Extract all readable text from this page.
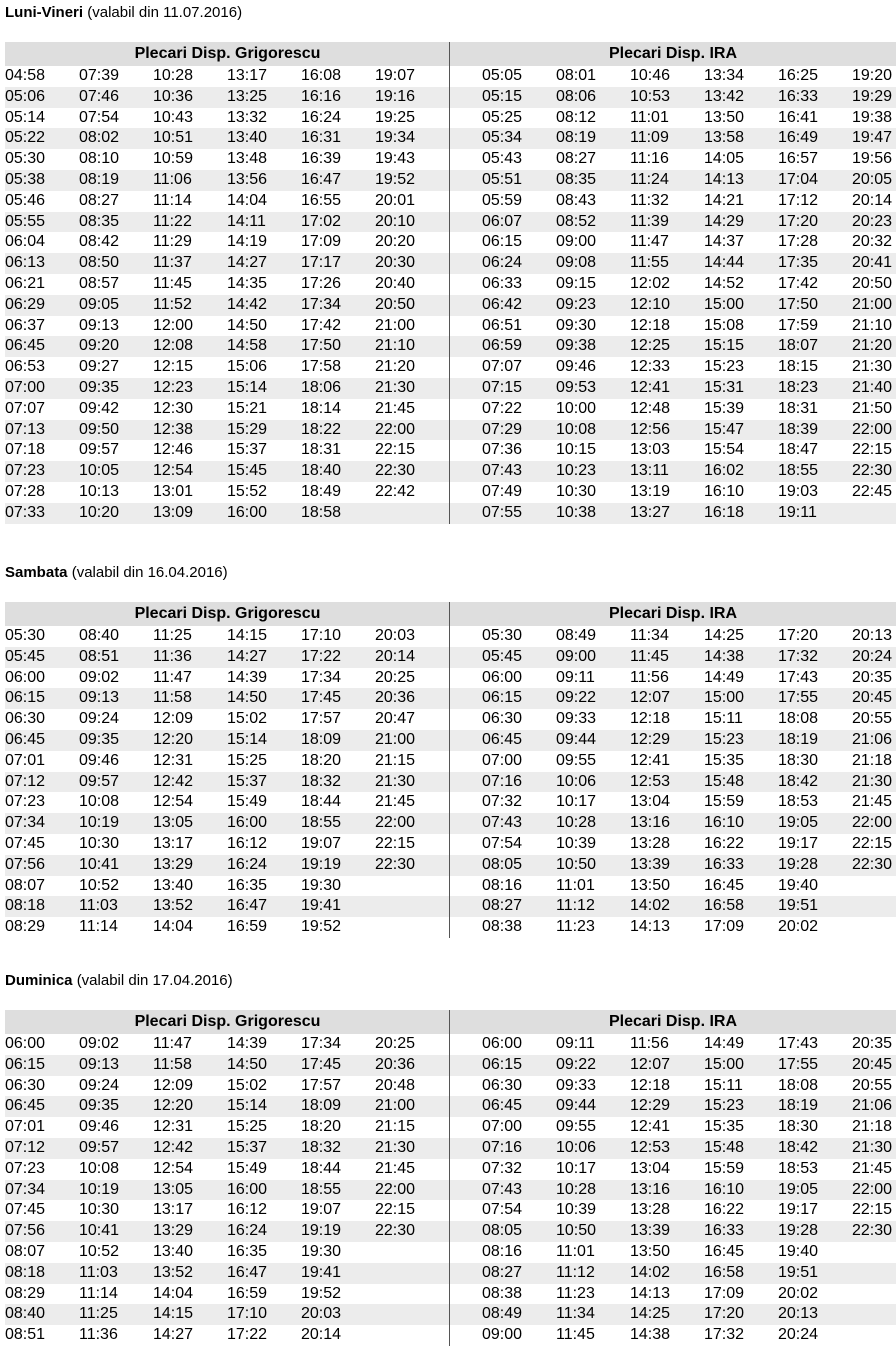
Luni-Vineri (valabil din 11.07.2016)
Plecari Disp. Grigorescu	Plecari Disp. IRA
04:58 07:39 10:28 13:17 16:08 19:07	05:05 08:01 10:46 13:34 16:25 19:20
05:06 07:46 10:36 13:25 16:16 19:16	05:15 08:06 10:53 13:42 16:33 19:29
05:14 07:54 10:43 13:32 16:24 19:25	05:25 08:12 11:01 13:50 16:41 19:38
05:22 08:02 10:51 13:40 16:31 19:34	05:34 08:19 11:09 13:58 16:49 19:47
05:30 08:10 10:59 13:48 16:39 19:43	05:43 08:27 11:16 14:05 16:57 19:56
05:38 08:19 11:06 13:56 16:47 19:52	05:51 08:35 11:24 14:13 17:04 20:05
05:46 08:27 11:14 14:04 16:55 20:01	05:59 08:43 11:32 14:21 17:12 20:14
05:55 08:35 11:22 14:11 17:02 20:10	06:07 08:52 11:39 14:29 17:20 20:23
06:04 08:42 11:29 14:19 17:09 20:20	06:15 09:00 11:47 14:37 17:28 20:32
06:13 08:50 11:37 14:27 17:17 20:30	06:24 09:08 11:55 14:44 17:35 20:41
06:21 08:57 11:45 14:35 17:26 20:40	06:33 09:15 12:02 14:52 17:42 20:50
06:29 09:05 11:52 14:42 17:34 20:50	06:42 09:23 12:10 15:00 17:50 21:00
06:37 09:13 12:00 14:50 17:42 21:00	06:51 09:30 12:18 15:08 17:59 21:10
06:45 09:20 12:08 14:58 17:50 21:10	06:59 09:38 12:25 15:15 18:07 21:20
06:53 09:27 12:15 15:06 17:58 21:20	07:07 09:46 12:33 15:23 18:15 21:30
07:00 09:35 12:23 15:14 18:06 21:30	07:15 09:53 12:41 15:31 18:23 21:40
07:07 09:42 12:30 15:21 18:14 21:45	07:22 10:00 12:48 15:39 18:31 21:50
07:13 09:50 12:38 15:29 18:22 22:00	07:29 10:08 12:56 15:47 18:39 22:00
07:18 09:57 12:46 15:37 18:31 22:15	07:36 10:15 13:03 15:54 18:47 22:15
07:23 10:05 12:54 15:45 18:40 22:30	07:43 10:23 13:11 16:02 18:55 22:30
07:28 10:13 13:01 15:52 18:49 22:42	07:49 10:30 13:19 16:10 19:03 22:45
07:33 10:20 13:09 16:00 18:58	07:55 10:38 13:27 16:18 19:11
Sambata (valabil din 16.04.2016)
Plecari Disp. Grigorescu	Plecari Disp. IRA
05:30 08:40 11:25 14:15 17:10 20:03	05:30 08:49 11:34 14:25 17:20 20:13
05:45 08:51 11:36 14:27 17:22 20:14	05:45 09:00 11:45 14:38 17:32 20:24
06:00 09:02 11:47 14:39 17:34 20:25	06:00 09:11 11:56 14:49 17:43 20:35
06:15 09:13 11:58 14:50 17:45 20:36	06:15 09:22 12:07 15:00 17:55 20:45
06:30 09:24 12:09 15:02 17:57 20:47	06:30 09:33 12:18 15:11 18:08 20:55
06:45 09:35 12:20 15:14 18:09 21:00	06:45 09:44 12:29 15:23 18:19 21:06
07:01 09:46 12:31 15:25 18:20 21:15	07:00 09:55 12:41 15:35 18:30 21:18
07:12 09:57 12:42 15:37 18:32 21:30	07:16 10:06 12:53 15:48 18:42 21:30
07:23 10:08 12:54 15:49 18:44 21:45	07:32 10:17 13:04 15:59 18:53 21:45
07:34 10:19 13:05 16:00 18:55 22:00	07:43 10:28 13:16 16:10 19:05 22:00
07:45 10:30 13:17 16:12 19:07 22:15	07:54 10:39 13:28 16:22 19:17 22:15
07:56 10:41 13:29 16:24 19:19 22:30	08:05 10:50 13:39 16:33 19:28 22:30
08:07 10:52 13:40 16:35 19:30	08:16 11:01 13:50 16:45 19:40
08:18 11:03 13:52 16:47 19:41	08:27 11:12 14:02 16:58 19:51
08:29 11:14 14:04 16:59 19:52	08:38 11:23 14:13 17:09 20:02
Duminica (valabil din 17.04.2016)
Plecari Disp. Grigorescu	Plecari Disp. IRA
06:00 09:02 11:47 14:39 17:34 20:25	06:00 09:11 11:56 14:49 17:43 20:35
06:15 09:13 11:58 14:50 17:45 20:36	06:15 09:22 12:07 15:00 17:55 20:45
06:30 09:24 12:09 15:02 17:57 20:48	06:30 09:33 12:18 15:11 18:08 20:55
06:45 09:35 12:20 15:14 18:09 21:00	06:45 09:44 12:29 15:23 18:19 21:06
07:01 09:46 12:31 15:25 18:20 21:15	07:00 09:55 12:41 15:35 18:30 21:18
07:12 09:57 12:42 15:37 18:32 21:30	07:16 10:06 12:53 15:48 18:42 21:30
07:23 10:08 12:54 15:49 18:44 21:45	07:32 10:17 13:04 15:59 18:53 21:45
07:34 10:19 13:05 16:00 18:55 22:00	07:43 10:28 13:16 16:10 19:05 22:00
07:45 10:30 13:17 16:12 19:07 22:15	07:54 10:39 13:28 16:22 19:17 22:15
07:56 10:41 13:29 16:24 19:19 22:30	08:05 10:50 13:39 16:33 19:28 22:30
08:07 10:52 13:40 16:35 19:30	08:16 11:01 13:50 16:45 19:40
08:18 11:03 13:52 16:47 19:41	08:27 11:12 14:02 16:58 19:51
08:29 11:14 14:04 16:59 19:52	08:38 11:23 14:13 17:09 20:02
08:40 11:25 14:15 17:10 20:03	08:49 11:34 14:25 17:20 20:13
08:51 11:36 14:27 17:22 20:14	09:00 11:45 14:38 17:32 20:24
